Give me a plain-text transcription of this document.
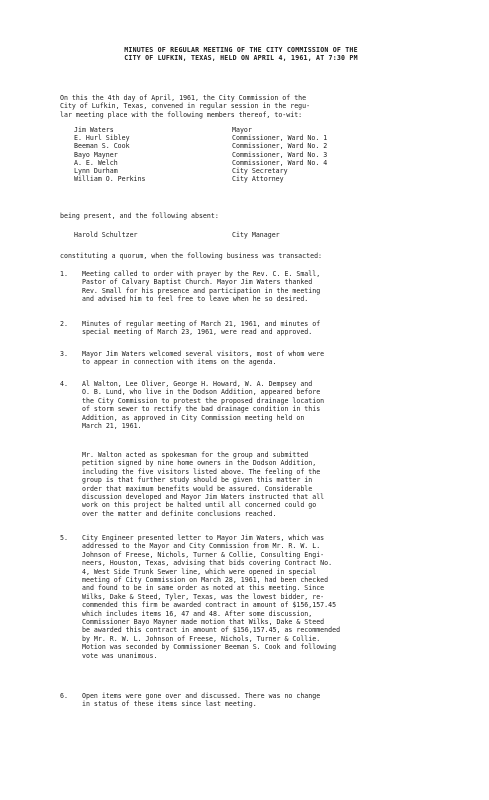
MINUTES OF REGULAR MEETING OF THE CITY COMMISSION OF THE
CITY OF LUFKIN, TEXAS, HELD ON APRIL 4, 1961, AT 7:30 PM
On this the 4th day of April, 1961, the City Commission of the
City of Lufkin, Texas, convened in regular session in the regu-
lar meeting place with the following members thereof, to-wit:
Jim Waters	Mayor
E. Hurl Sibley	Commissioner, Ward No. 1
Beeman S. Cook	Commissioner, Ward No. 2
Bayo Mayner	Commissioner, Ward No. 3
A. E. Welch	Commissioner, Ward No. 4
Lynn Durham	City Secretary
William O. Perkins	City Attorney
being present, and the following absent:
Harold Schultzer	City Manager
constituting a quorum, when the following business was transacted:
1.	Meeting called to order with prayer by the Rev. C. E. Small,
Pastor of Calvary Baptist Church. Mayor Jim Waters thanked
Rev. Small for his presence and participation in the meeting
and advised him to feel free to leave when he so desired.
2.	Minutes of regular meeting of March 21, 1961, and minutes of
special meeting of March 23, 1961, were read and approved.
3.	Mayor Jim Waters welcomed several visitors, most of whom were
to appear in connection with items on the agenda.
4.	Al Walton, Lee Oliver, George H. Howard, W. A. Dempsey and
O. B. Lund, who live in the Dodson Addition, appeared before
the City Commission to protest the proposed drainage location
of storm sewer to rectify the bad drainage condition in this
Addition, as approved in City Commission meeting held on
March 21, 1961.
Mr. Walton acted as spokesman for the group and submitted
petition signed by nine home owners in the Dodson Addition,
including the five visitors listed above. The feeling of the
group is that further study should be given this matter in
order that maximum benefits would be assured. Considerable
discussion developed and Mayor Jim Waters instructed that all
work on this project be halted until all concerned could go
over the matter and definite conclusions reached.
5.	City Engineer presented letter to Mayor Jim Waters, which was
addressed to the Mayor and City Commission from Mr. R. W. L.
Johnson of Freese, Nichols, Turner & Collie, Consulting Engi-
neers, Houston, Texas, advising that bids covering Contract No.
4, West Side Trunk Sewer line, which were opened in special
meeting of City Commission on March 28, 1961, had been checked
and found to be in same order as noted at this meeting. Since
Wilks, Dake & Steed, Tyler, Texas, was the lowest bidder, re-
commended this firm be awarded contract in amount of $156,157.45
which includes items 16, 47 and 48. After some discussion,
Commissioner Bayo Mayner made motion that Wilks, Dake & Steed
be awarded this contract in amount of $156,157.45, as recommended
by Mr. R. W. L. Johnson of Freese, Nichols, Turner & Collie.
Motion was seconded by Commissioner Beeman S. Cook and following
vote was unanimous.
6.	Open items were gone over and discussed. There was no change
in status of these items since last meeting.
